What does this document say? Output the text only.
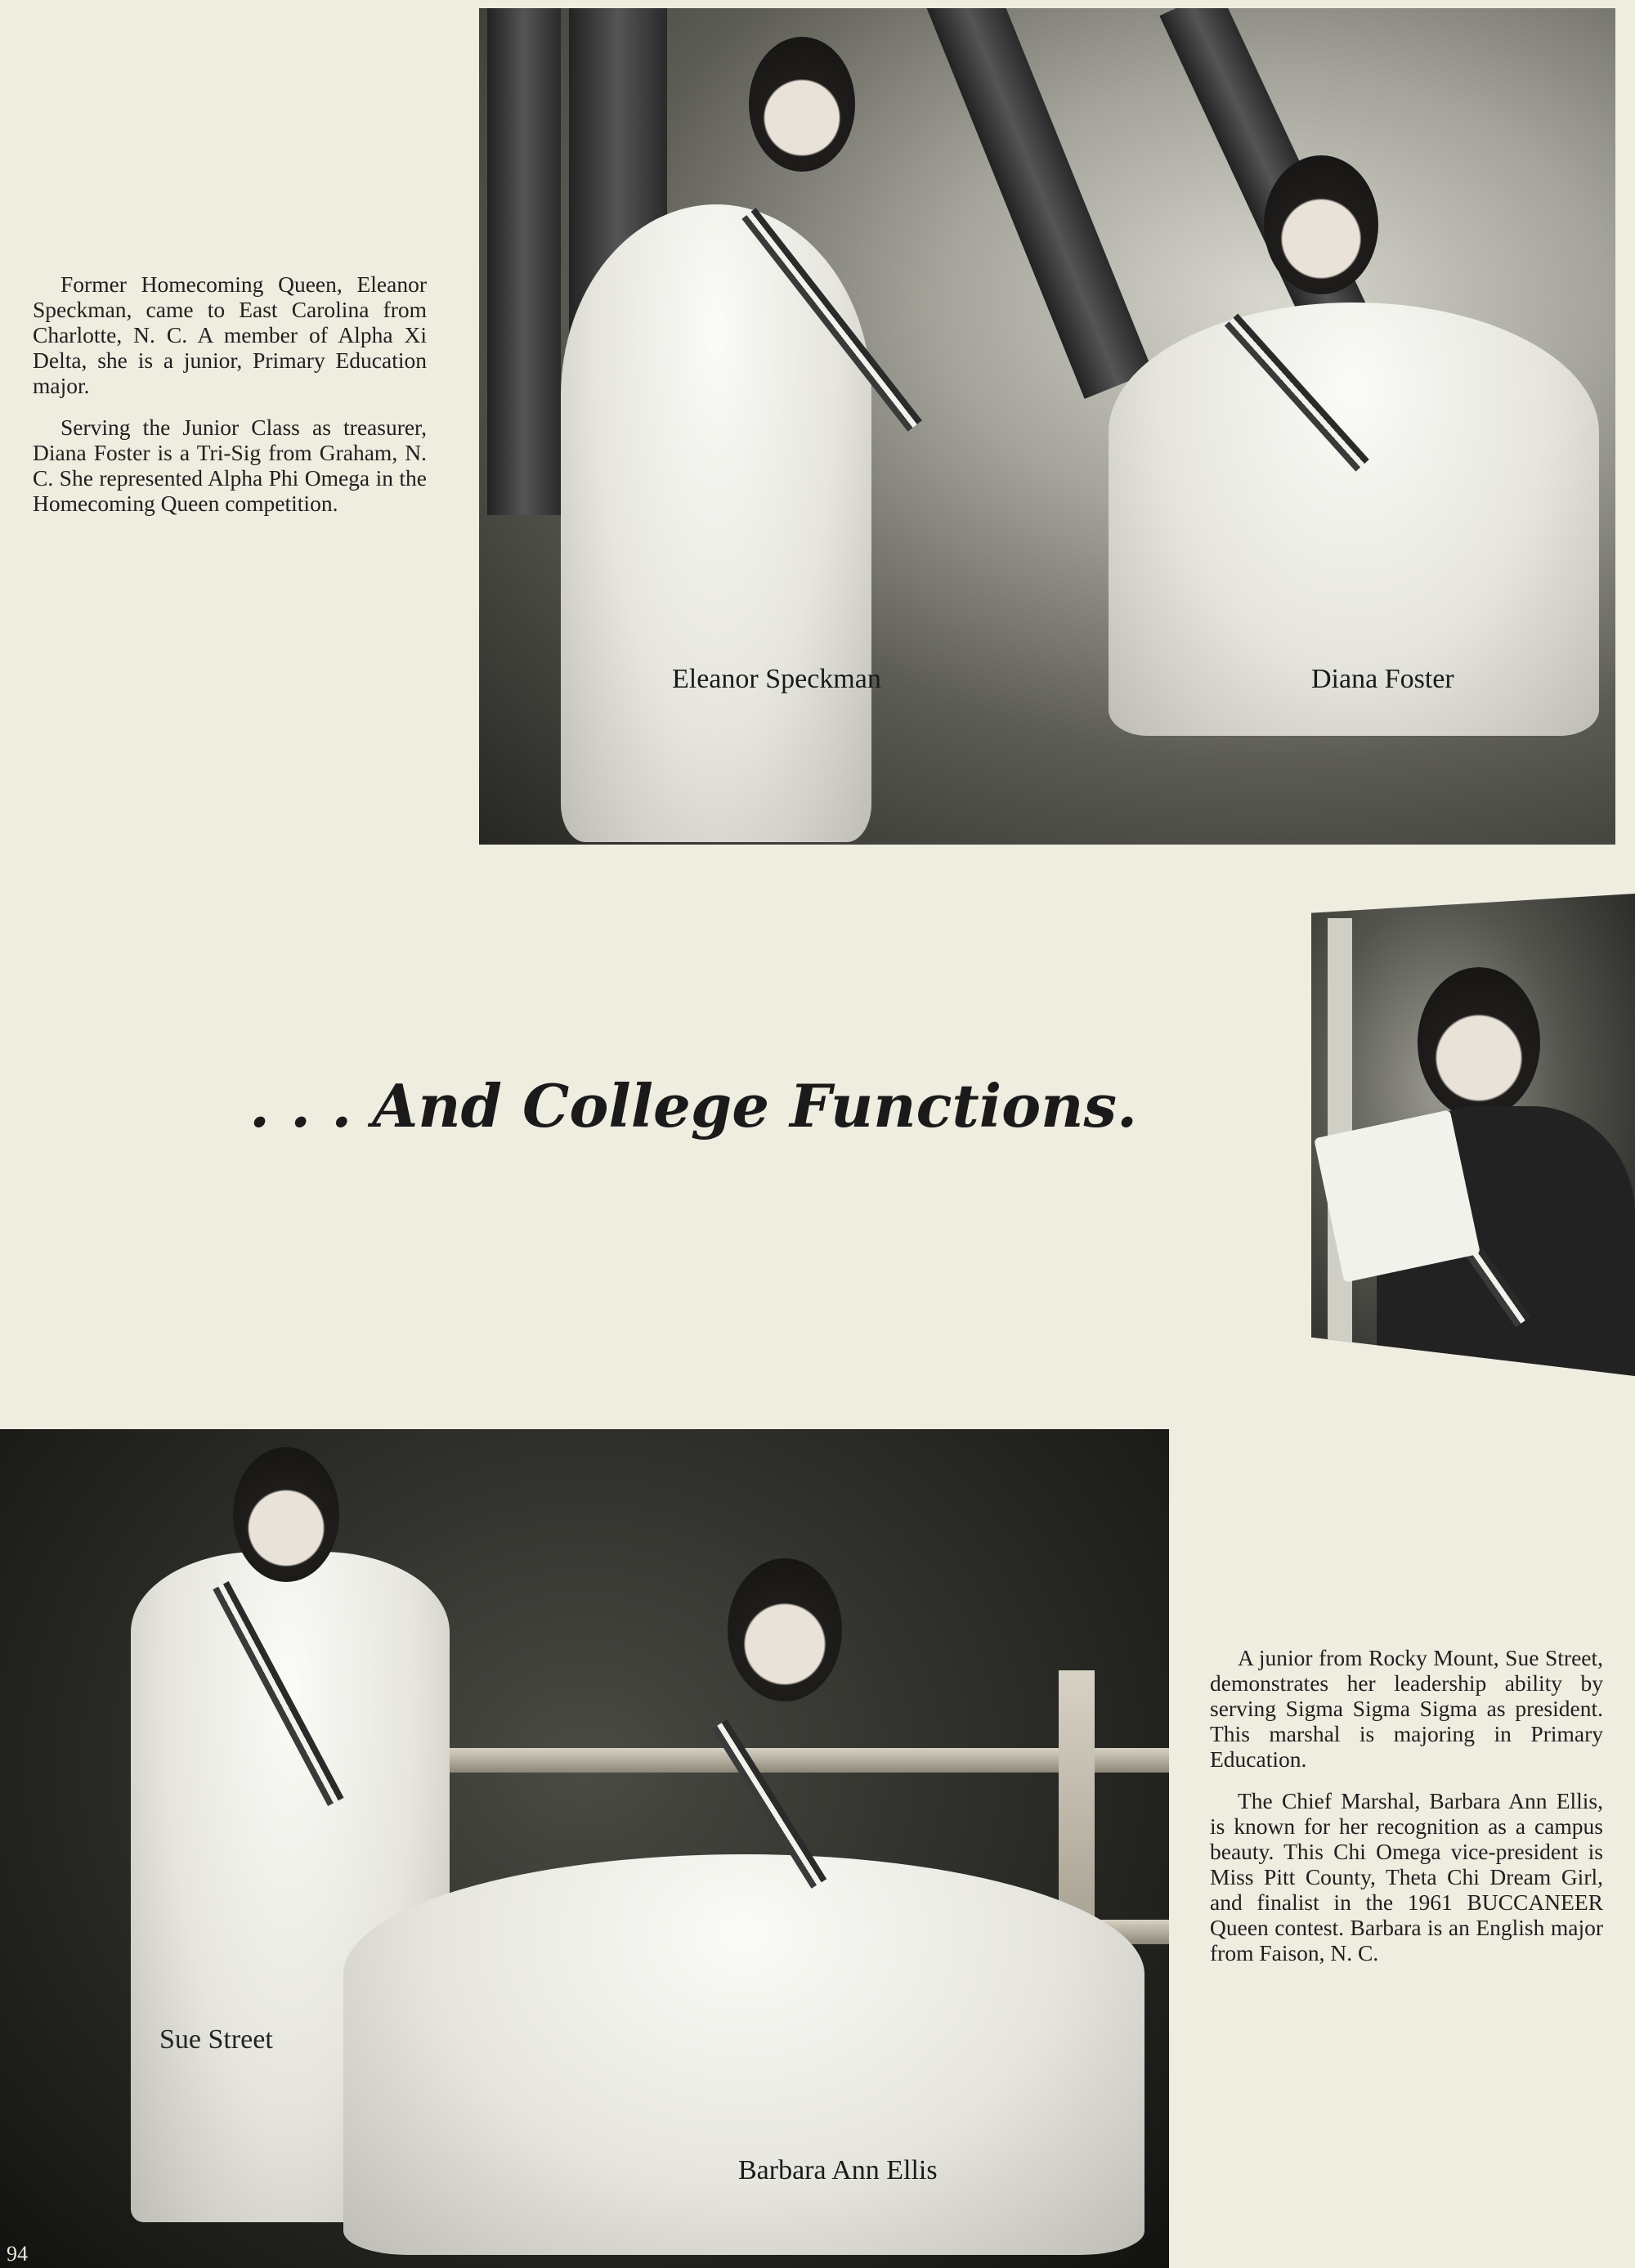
Former Homecoming Queen, Eleanor Speckman, came to East Carolina from Charlotte, N. C. A member of Alpha Xi Delta, she is a junior, Primary Education major.

Serving the Junior Class as treasurer, Diana Foster is a Tri-Sig from Graham, N. C. She represented Alpha Phi Omega in the Homecoming Queen competition.

Eleanor Speckman	Diana Foster
. . . And College Functions.
Sue Street
Barbara Ann Ellis

A junior from Rocky Mount, Sue Street, demonstrates her leadership ability by serving Sigma Sigma Sigma as president. This marshal is majoring in Primary Education.

The Chief Marshal, Barbara Ann Ellis, is known for her recognition as a campus beauty. This Chi Omega vice-president is Miss Pitt County, Theta Chi Dream Girl, and finalist in the 1961 BUCCANEER Queen contest. Barbara is an English major from Faison, N. C.

94
